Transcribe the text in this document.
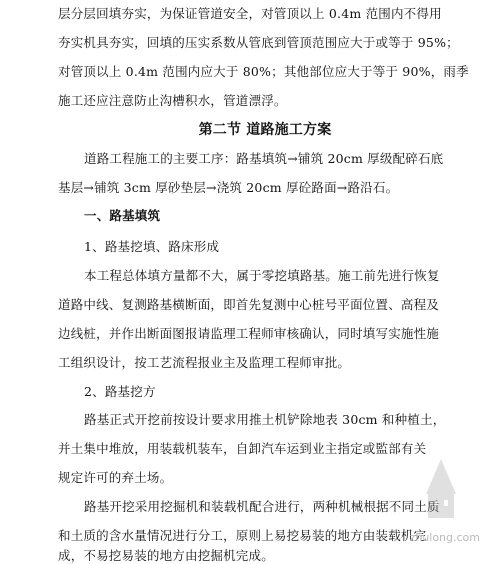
层分层回填夯实，为保证管道安全，对管顶以上 0.4m 范围内不得用
夯实机具夯实，回填的压实系数从管底到管顶范围应大于或等于 95%；
对管顶以上 0.4m 范围内应大于 80%；其他部位应大于等于 90%，雨季
施工还应注意防止沟槽积水，管道漂浮。
第二节 道路施工方案
道路工程施工的主要工序：路基填筑→铺筑 20cm 厚级配碎石底
基层→铺筑 3cm 厚砂垫层→浇筑 20cm 厚砼路面→路沿石。
一、路基填筑
1、路基挖填、路床形成
本工程总体填方量都不大，属于零挖填路基。施工前先进行恢复
道路中线、复测路基横断面，即首先复测中心桩号平面位置、高程及
边线桩，并作出断面图报请监理工程师审核确认，同时填写实施性施
工组织设计，按工艺流程报业主及监理工程师审批。
2、路基挖方
路基正式开挖前按设计要求用推土机铲除地表 30cm 和种植土，
并土集中堆放，用装载机装车，自卸汽车运到业主指定或監部有关
规定许可的弃土场。
路基开挖采用挖掘机和装载机配合进行，两种机械根据不同土质
和土质的含水量情况进行分工，原则上易挖易装的地方由装载机完
成，不易挖易装的地方由挖掘机完成。
zhulong.com
